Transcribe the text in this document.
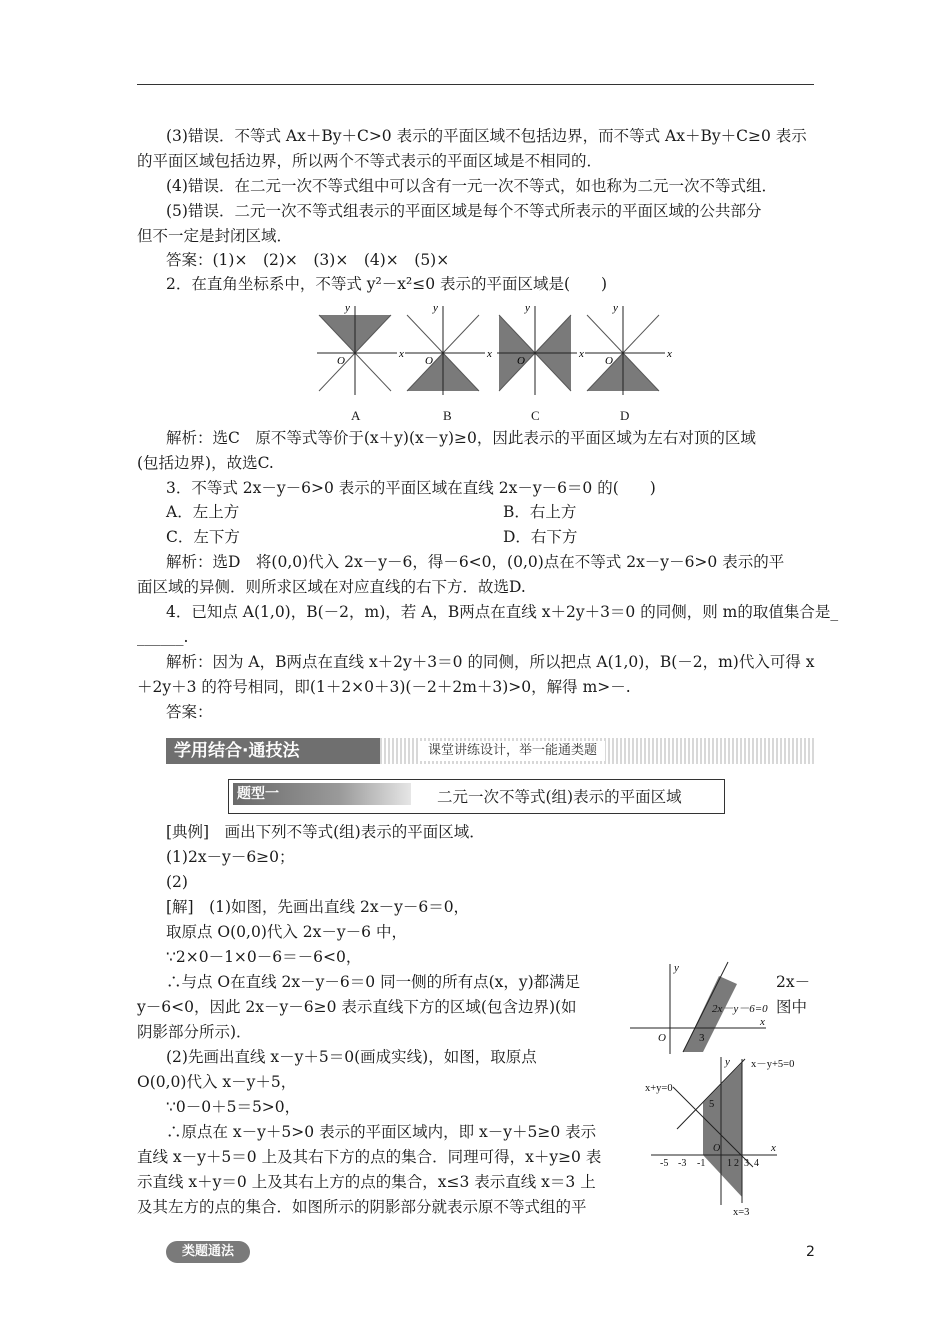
(3)错误．不等式 Ax＋By＋C>0 表示的平面区域不包括边界，而不等式 Ax＋By＋C≥0 表示
的平面区域包括边界，所以两个不等式表示的平面区域是不相同的．
(4)错误．在二元一次不等式组中可以含有一元一次不等式，如也称为二元一次不等式组．
(5)错误．二元一次不等式组表示的平面区域是每个不等式所表示的平面区域的公共部分
但不一定是封闭区域．
答案：(1)×　(2)×　(3)×　(4)×　(5)×
2．在直角坐标系中，不等式 y²－x²≤0 表示的平面区域是(　　)
x
y
O
x
y
O
x
y
O
x
y
O
A	B	C	D
解析：选C　原不等式等价于(x＋y)(x－y)≥0，因此表示的平面区域为左右对顶的区域
(包括边界)，故选C.
3．不等式 2x－y－6>0 表示的平面区域在直线 2x－y－6＝0 的(　　)
A．左上方	B．右上方
C．左下方	D．右下方
解析：选D　将(0,0)代入 2x－y－6，得－6<0，(0,0)点在不等式 2x－y－6>0 表示的平
面区域的异侧．则所求区域在对应直线的右下方．故选D.
4．已知点 A(1,0)，B(－2，m)，若 A，B两点在直线 x＋2y＋3＝0 的同侧，则 m的取值集合是_
______.
解析：因为 A，B两点在直线 x＋2y＋3＝0 的同侧，所以把点 A(1,0)，B(－2，m)代入可得 x
＋2y＋3 的符号相同，即(1＋2×0＋3)(－2＋2m＋3)>0，解得 m>－.
答案：
学用结合·通技法	课堂讲练设计，举一能通类题
题型一	二元一次不等式(组)表示的平面区域
[典例]　画出下列不等式(组)表示的平面区域．
(1)2x－y－6≥0；
(2)
[解]　(1)如图，先画出直线 2x－y－6＝0，
取原点 O(0,0)代入 2x－y－6 中，
∵2×0－1×0－6＝－6<0，
∴与点 O在直线 2x－y－6＝0 同一侧的所有点(x，y)都满足	2x－
y－6<0，因此 2x－y－6≥0 表示直线下方的区域(包含边界)(如	图中
阴影部分所示)．
(2)先画出直线 x－y＋5＝0(画成实线)，如图，取原点
O(0,0)代入 x－y＋5，
∵0－0＋5＝5>0，
∴原点在 x－y＋5>0 表示的平面区域内，即 x－y＋5≥0 表示
直线 x－y＋5＝0 上及其右下方的点的集合．同理可得，x＋y≥0 表
示直线 x＋y＝0 上及其右上方的点的集合，x≤3 表示直线 x＝3 上
及其左方的点的集合．如图所示的阴影部分就表示原不等式组的平
2x－y－6=0
3
x
y
O
x－y+5=0
x+y=0
x=3
5
-5 -3 -1 1 2 3 4
x
y
O
类题通法	2
